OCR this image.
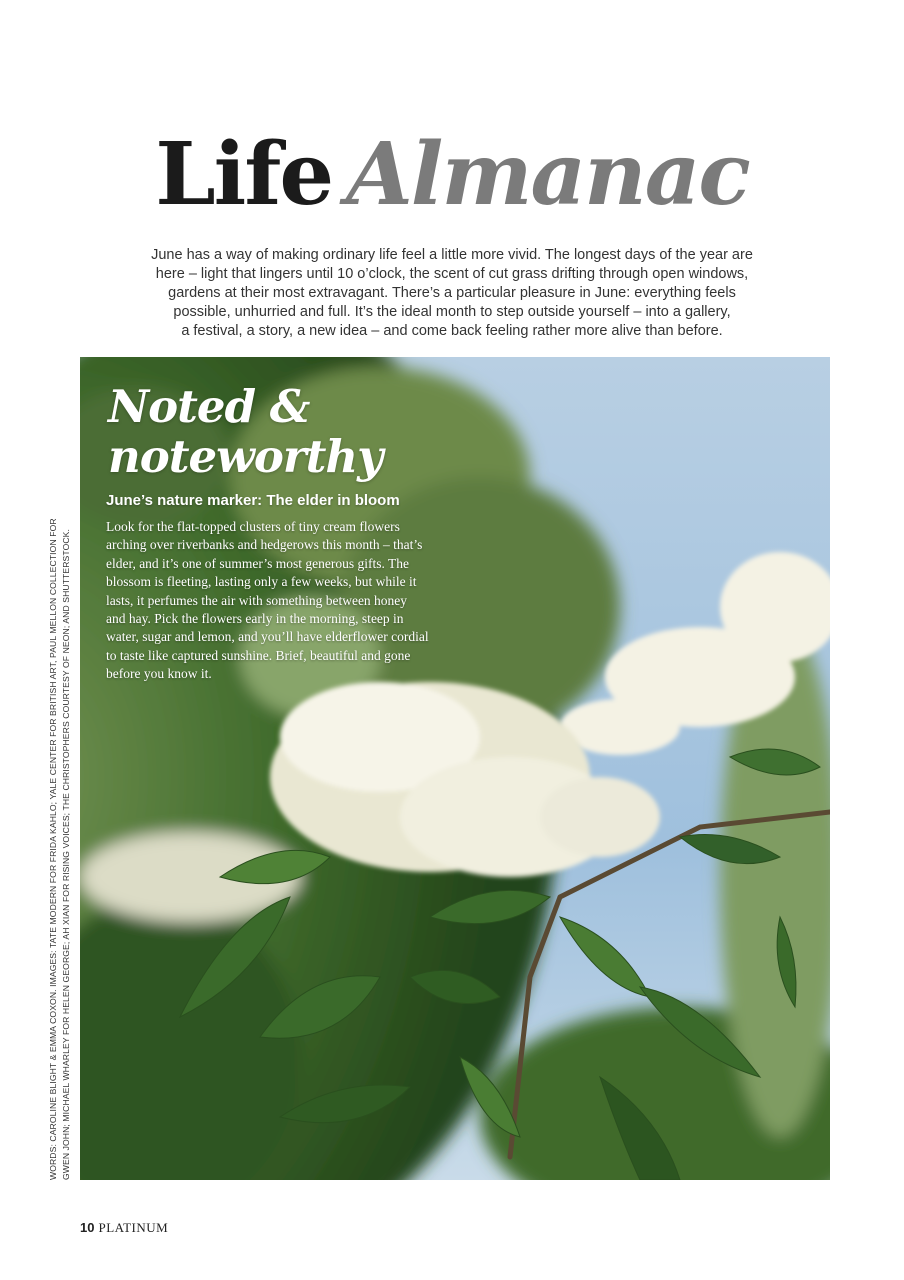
Life Almanac
June has a way of making ordinary life feel a little more vivid. The longest days of the year are
here – light that lingers until 10 o’clock, the scent of cut grass drifting through open windows,
gardens at their most extravagant. There’s a particular pleasure in June: everything feels
possible, unhurried and full. It’s the ideal month to step outside yourself – into a gallery,
a festival, a story, a new idea – and come back feeling rather more alive than before.
Noted &
noteworthy
June’s nature marker: The elder in bloom
Look for the flat-topped clusters of tiny cream flowers
arching over riverbanks and hedgerows this month – that’s
elder, and it’s one of summer’s most generous gifts. The
blossom is fleeting, lasting only a few weeks, but while it
lasts, it perfumes the air with something between honey
and hay. Pick the flowers early in the morning, steep in
water, sugar and lemon, and you’ll have elderflower cordial
to taste like captured sunshine. Brief, beautiful and gone
before you know it.
WORDS: CAROLINE BLIGHT & EMMA COXON. IMAGES: TATE MODERN FOR FRIDA KAHLO; YALE CENTER FOR BRITISH ART, PAUL MELLON COLLECTION FOR GWEN JOHN; MICHAEL WHARLEY FOR HELEN GEORGE; AH XIAN FOR RISING VOICES; THE CHRISTOPHERS COURTESY OF NEON; AND SHUTTERSTOCK.
10 PLATINUM
